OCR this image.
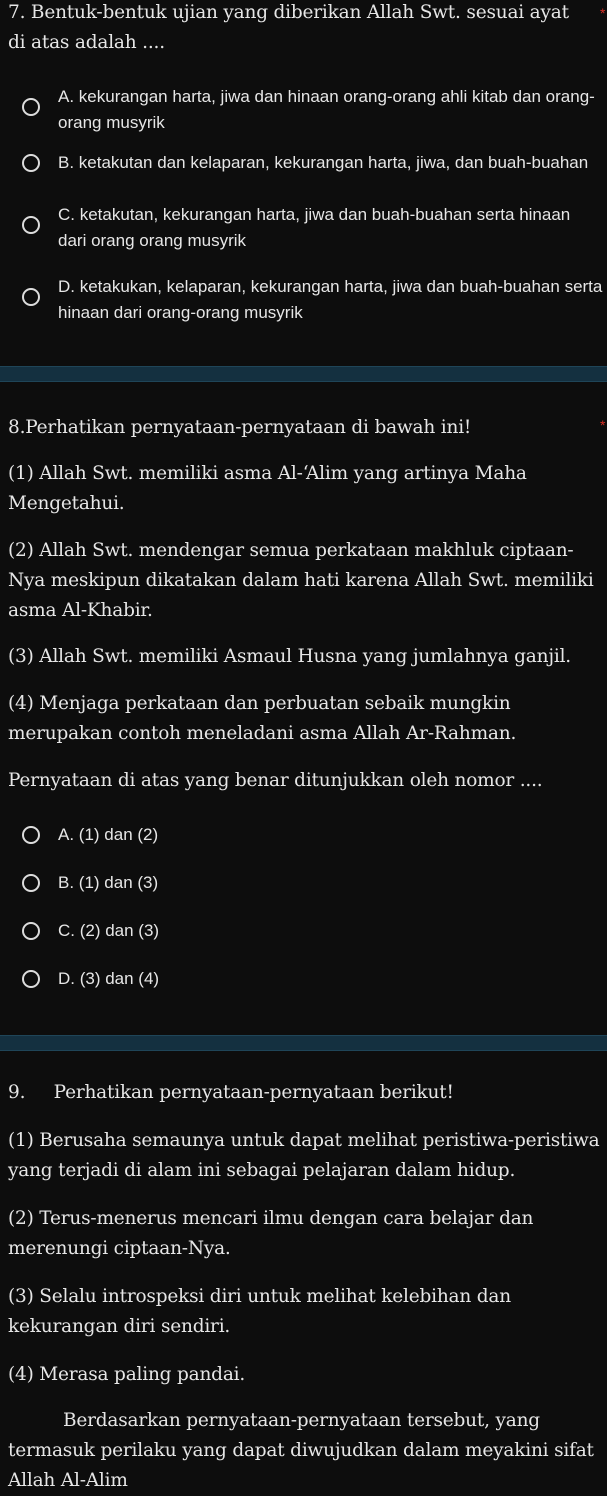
7. Bentuk-bentuk ujian yang diberikan Allah Swt. sesuai ayat di atas adalah ....

*
A. kekurangan harta, jiwa dan hinaan orang-orang ahli kitab dan orang-orang musyrik
B. ketakutan dan kelaparan, kekurangan harta, jiwa, dan buah-buahan
C. ketakutan, kekurangan harta, jiwa dan buah-buahan serta hinaan dari orang orang musyrik
D. ketakukan, kelaparan, kekurangan harta, jiwa dan buah-buahan serta hinaan dari orang-orang musyrik

8.Perhatikan pernyataan-pernyataan di bawah ini!	*

(1) Allah Swt. memiliki asma Al-‘Alim yang artinya Maha Mengetahui.

(2) Allah Swt. mendengar semua perkataan makhluk ciptaan-Nya meskipun dikatakan dalam hati karena Allah Swt. memiliki asma Al-Khabir.

(3) Allah Swt. memiliki Asmaul Husna yang jumlahnya ganjil.

(4) Menjaga perkataan dan perbuatan sebaik mungkin merupakan contoh meneladani asma Allah Ar-Rahman.

Pernyataan di atas yang benar ditunjukkan oleh nomor ....

A. (1) dan (2)
B. (1) dan (3)
C. (2) dan (3)
D. (3) dan (4)

9.     Perhatikan pernyataan-pernyataan berikut!

(1) Berusaha semaunya untuk dapat melihat peristiwa-peristiwa yang terjadi di alam ini sebagai pelajaran dalam hidup.

(2) Terus-menerus mencari ilmu dengan cara belajar dan merenungi ciptaan-Nya.

(3) Selalu introspeksi diri untuk melihat kelebihan dan kekurangan diri sendiri.

(4) Merasa paling pandai.

Berdasarkan pernyataan-pernyataan tersebut, yang termasuk perilaku yang dapat diwujudkan dalam meyakini sifat Allah Al-Alim
